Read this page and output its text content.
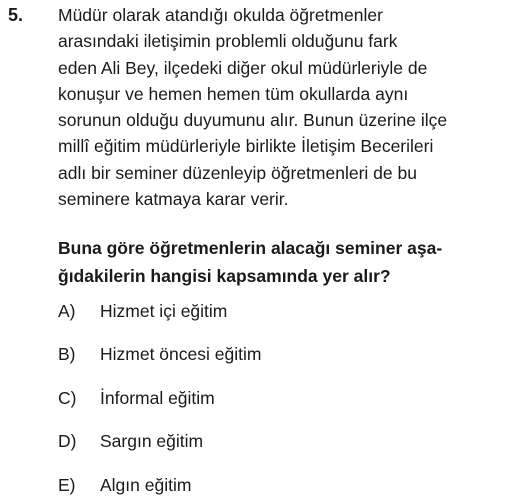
5. Müdür olarak atandığı okulda öğretmenler
arasındaki iletişimin problemli olduğunu fark
eden Ali Bey, ilçedeki diğer okul müdürleriyle de
konuşur ve hemen hemen tüm okullarda aynı
sorunun olduğu duyumunu alır. Bunun üzerine ilçe
millî eğitim müdürleriyle birlikte İletişim Becerileri
adlı bir seminer düzenleyip öğretmenleri de bu
seminere katmaya karar verir.
Buna göre öğretmenlerin alacağı seminer aşa-
ğıdakilerin hangisi kapsamında yer alır?
A) Hizmet içi eğitim
B) Hizmet öncesi eğitim
C) İnformal eğitim
D) Sargın eğitim
E) Algın eğitim
